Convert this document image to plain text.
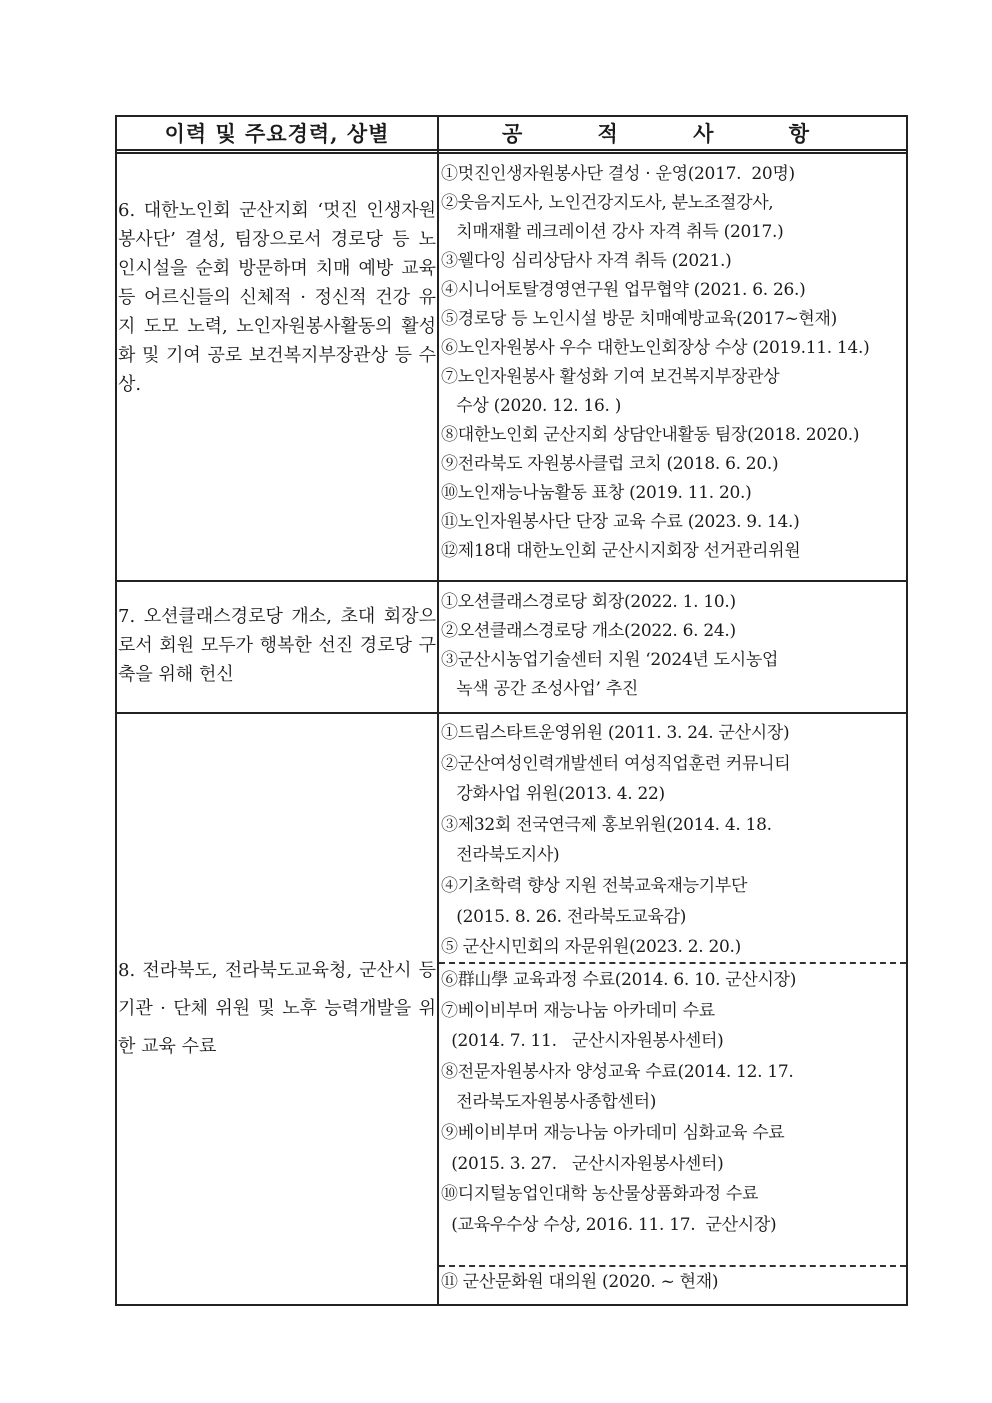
이력 및 주요경력, 상별	공 적 사 항
6. 대한노인회 군산지회 ‘멋진 인생자원봉사단’ 결성, 팀장으로서 경로당 등 노인시설을 순회 방문하며 치매 예방 교육 등 어르신들의 신체적 · 정신적 건강 유지 도모 노력, 노인자원봉사활동의 활성화 및 기여 공로 보건복지부장관상 등 수상.
①멋진인생자원봉사단 결성 · 운영(2017.  20명)
②웃음지도사, 노인건강지도사, 분노조절강사,
치매재활 레크레이션 강사 자격 취득 (2017.)
③웰다잉 심리상담사 자격 취득 (2021.)
④시니어토탈경영연구원 업무협약 (2021. 6. 26.)
⑤경로당 등 노인시설 방문 치매예방교육(2017~현재)
⑥노인자원봉사 우수 대한노인회장상 수상 (2019.11. 14.)
⑦노인자원봉사 활성화 기여 보건복지부장관상
수상 (2020. 12. 16. )
⑧대한노인회 군산지회 상담안내활동 팀장(2018. 2020.)
⑨전라북도 자원봉사클럽 코치 (2018. 6. 20.)
⑩노인재능나눔활동 표창 (2019. 11. 20.)
⑪노인자원봉사단 단장 교육 수료 (2023. 9. 14.)
⑫제18대 대한노인회 군산시지회장 선거관리위원
7. 오션클래스경로당 개소, 초대 회장으로서 회원 모두가 행복한 선진 경로당 구축을 위해 헌신
①오션클래스경로당 회장(2022. 1. 10.)
②오션클래스경로당 개소(2022. 6. 24.)
③군산시농업기술센터 지원 ‘2024년 도시농업
녹색 공간 조성사업’ 추진
8. 전라북도, 전라북도교육청, 군산시 등 기관 · 단체 위원 및 노후 능력개발을 위한 교육 수료
①드림스타트운영위원 (2011. 3. 24. 군산시장)
②군산여성인력개발센터 여성직업훈련 커뮤니티
강화사업 위원(2013. 4. 22)
③제32회 전국연극제 홍보위원(2014. 4. 18.
전라북도지사)
④기초학력 향상 지원 전북교육재능기부단
(2015. 8. 26. 전라북도교육감)
⑤ 군산시민회의 자문위원(2023. 2. 20.)
⑥群山學 교육과정 수료(2014. 6. 10. 군산시장)
⑦베이비부머 재능나눔 아카데미 수료
(2014. 7. 11.   군산시자원봉사센터)
⑧전문자원봉사자 양성교육 수료(2014. 12. 17.
전라북도자원봉사종합센터)
⑨베이비부머 재능나눔 아카데미 심화교육 수료
(2015. 3. 27.   군산시자원봉사센터)
⑩디지털농업인대학 농산물상품화과정 수료
(교육우수상 수상, 2016. 11. 17.  군산시장)
⑪ 군산문화원 대의원 (2020. ~ 현재)
